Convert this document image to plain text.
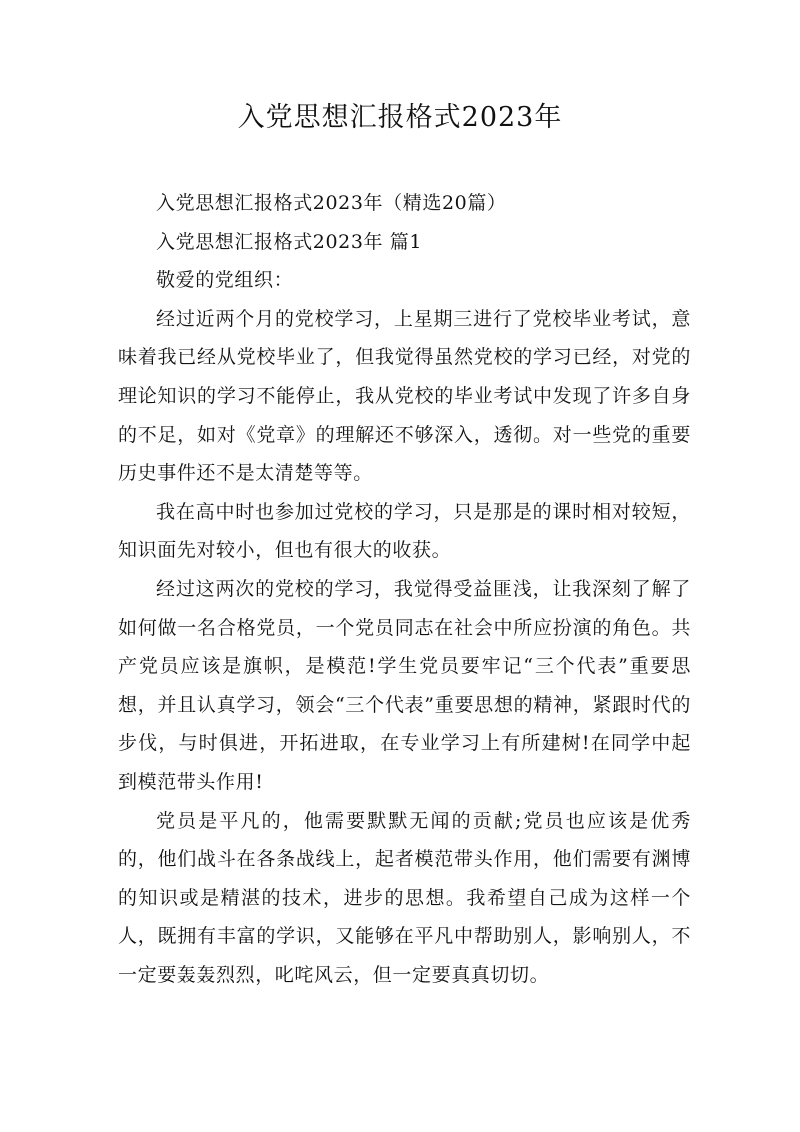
入党思想汇报格式2023年

入党思想汇报格式2023年（精选20篇）

入党思想汇报格式2023年 篇1

敬爱的党组织：

经过近两个月的党校学习，上星期三进行了党校毕业考试，意味着我已经从党校毕业了，但我觉得虽然党校的学习已经，对党的理论知识的学习不能停止，我从党校的毕业考试中发现了许多自身的不足，如对《党章》的理解还不够深入，透彻。对一些党的重要历史事件还不是太清楚等等。

我在高中时也参加过党校的学习，只是那是的课时相对较短，知识面先对较小，但也有很大的收获。

经过这两次的党校的学习，我觉得受益匪浅，让我深刻了解了如何做一名合格党员，一个党员同志在社会中所应扮演的角色。共产党员应该是旗帜，是模范!学生党员要牢记“三个代表”重要思想，并且认真学习，领会“三个代表”重要思想的精神，紧跟时代的步伐，与时俱进，开拓进取，在专业学习上有所建树!在同学中起到模范带头作用!

党员是平凡的，他需要默默无闻的贡献;党员也应该是优秀的，他们战斗在各条战线上，起者模范带头作用，他们需要有渊博的知识或是精湛的技术，进步的思想。我希望自己成为这样一个人，既拥有丰富的学识，又能够在平凡中帮助别人，影响别人，不一定要轰轰烈烈，叱咤风云，但一定要真真切切。
